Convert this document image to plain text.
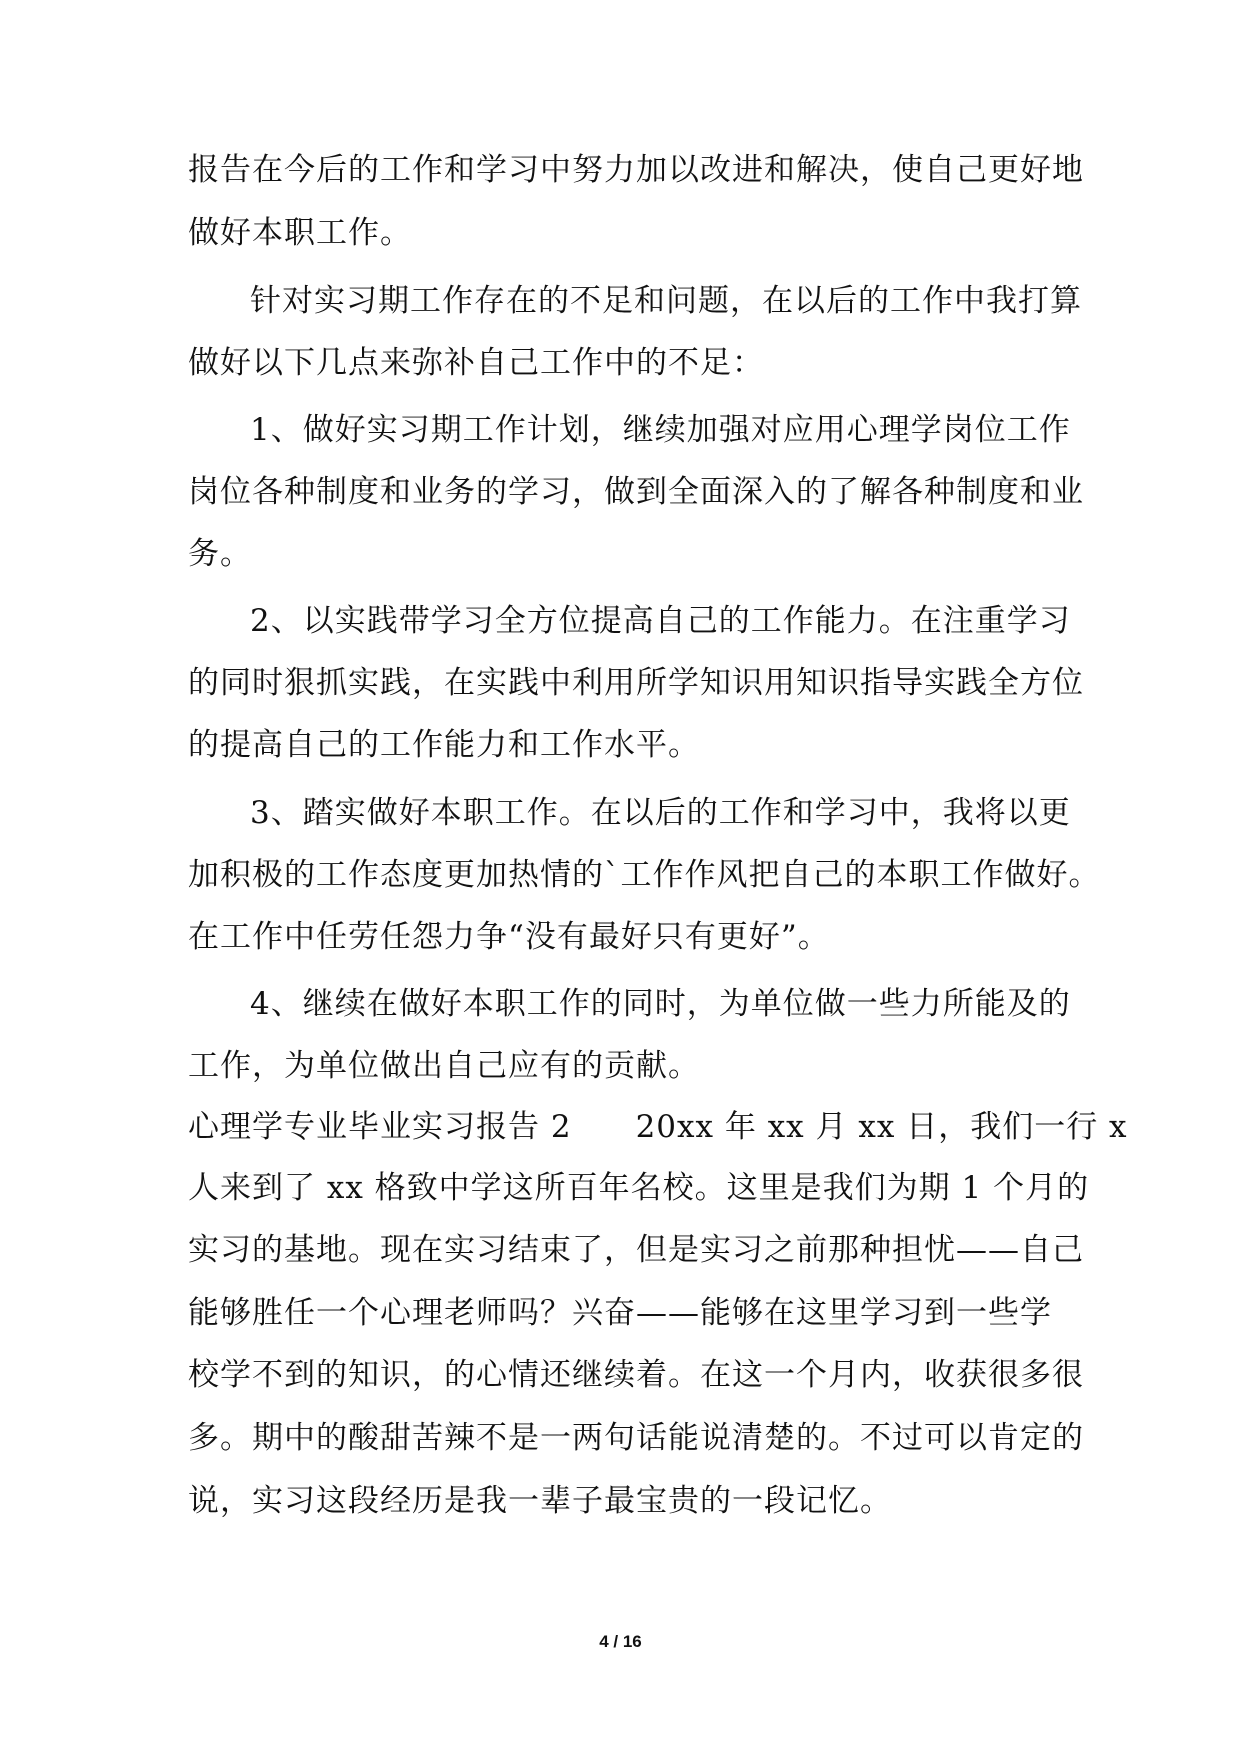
报告在今后的工作和学习中努力加以改进和解决，使自己更好地
做好本职工作。
针对实习期工作存在的不足和问题，在以后的工作中我打算
做好以下几点来弥补自己工作中的不足：
1、做好实习期工作计划，继续加强对应用心理学岗位工作
岗位各种制度和业务的学习，做到全面深入的了解各种制度和业
务。
2、以实践带学习全方位提高自己的工作能力。在注重学习
的同时狠抓实践，在实践中利用所学知识用知识指导实践全方位
的提高自己的工作能力和工作水平。
3、踏实做好本职工作。在以后的工作和学习中，我将以更
加积极的工作态度更加热情的`工作作风把自己的本职工作做好。
在工作中任劳任怨力争“没有最好只有更好”。
4、继续在做好本职工作的同时，为单位做一些力所能及的
工作，为单位做出自己应有的贡献。
心理学专业毕业实习报告 2　　20xx 年 xx 月 xx 日，我们一行 x
人来到了 xx 格致中学这所百年名校。这里是我们为期 1 个月的
实习的基地。现在实习结束了，但是实习之前那种担忧——自己
能够胜任一个心理老师吗？兴奋——能够在这里学习到一些学
校学不到的知识，的心情还继续着。在这一个月内，收获很多很
多。期中的酸甜苦辣不是一两句话能说清楚的。不过可以肯定的
说，实习这段经历是我一辈子最宝贵的一段记忆。
4 / 16
